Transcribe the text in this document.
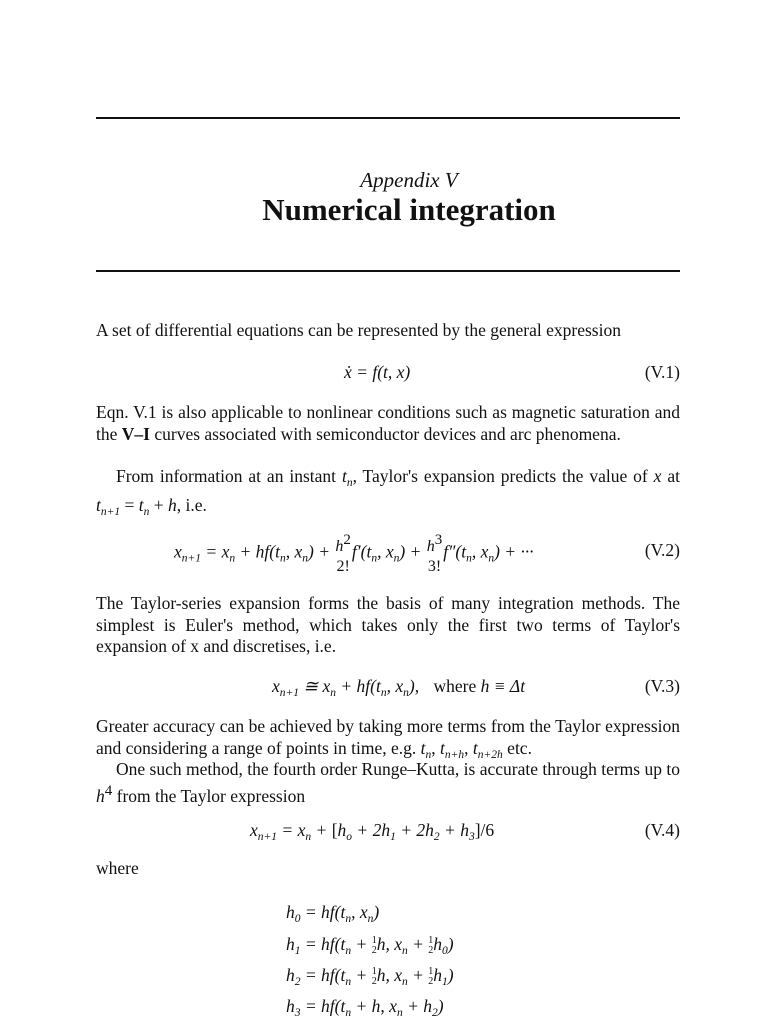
Appendix V
Numerical integration
A set of differential equations can be represented by the general expression
ẋ = f(t, x)	(V.1)
Eqn. V.1 is also applicable to nonlinear conditions such as magnetic saturation and the V–I curves associated with semiconductor devices and arc phenomena.
From information at an instant $t_n$, Taylor's expansion predicts the value of x at $t_{n+1} = t_n + h$, i.e.
$x_{n+1} = x_n + hf(t_n$, $x_n) + h2$
2!
$f'(t_n$, $x_n) + h3$
3!
$f''(t_n$, $x_n$) + ···	(V.2)
The Taylor-series expansion forms the basis of many integration methods. The simplest is Euler's method, which takes only the first two terms of Taylor's expansion of x and discretises, i.e.
$x_{n+1}$ ≅ $x_n + hf(t_n$, $x_n$), where h ≡ Δt	(V.3)
Greater accuracy can be achieved by taking more terms from the Taylor expression and considering a range of points in time, e.g. $t_n$, $t_{n+h}$, $t_{n+2h}$ etc.
One such method, the fourth order Runge–Kutta, is accurate through terms up to h4 from the Taylor expression
$x_{n+1} = x_n + [h_o + 2h_1 + 2h_2 + h_3]/6$	(V.4)
where
$h_0 = hf(t_n$, $x_n$)
$h_1 = hf(t_n + 1$
2 h, $x_n + 1$
2 $h_0$)
$h_2 = hf(t_n + 1$
2 h, $x_n + 1$
2 $h_1$)
$h_3 = hf(t_n + h$, $x_n + h_2$)
